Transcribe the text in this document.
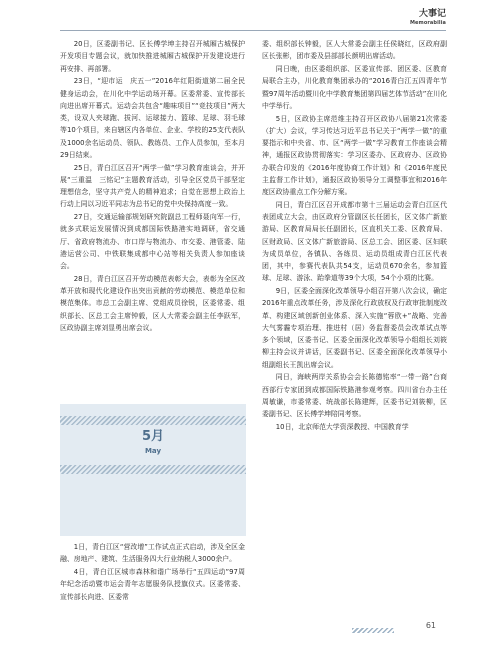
大事记
Memorabilia

20日，区委副书记、区长傅学坤主持召开城厢古城保护开发项目专题会议，就加快推进城厢古城保护开发建设进行再安排、再部署。

23日，“迎市运　庆五一”2016年红阳街道第二届全民健身运动会，在川化中学运动场开幕。区委常委、宣传部长向进出席开幕式。运动会共包含“趣味项目”“竞技项目”两大类，设双人夹球跑、拔河、运球接力、篮球、足球、羽毛球等10个项目，来自辖区内各单位、企业、学校的25支代表队及1000余名运动员、领队、教练员、工作人员参加，至本月29日结束。

25日，青白江区召开“两学一做”学习教育座谈会，并开展“三重温　三铭记”主题教育活动，引导全区党员干部坚定理想信念，坚守共产党人的精神追求；自觉在思想上政治上行动上同以习近平同志为总书记的党中央保持高度一致。

27日，交通运输部规划研究院副总工程师聂向军一行，就多式联运发展情况到成都国际铁路港实地调研，省交通厅、省政府物流办、市口岸与物流办、市交委、港管委、陆港运营公司、中铁联集成都中心站等相关负责人参加座谈会。

28日，青白江区召开劳动模范表彰大会，表彰为全区改革开放和现代化建设作出突出贡献的劳动模范、模范单位和模范集体。市总工会副主席、党组成员徐锐，区委常委、组织部长、区总工会主席钟毅，区人大常委会副主任李跃军，区政协副主席刘显勇出席会议。

5月
May

1日，青白江区“营改增”工作试点正式启动，涉及全区金融、房地产、建筑、生活服务四大行业纳税人3000余户。

4日，青白江区城市森林和谐广场举行“五四运动”97周年纪念活动暨市运会青年志愿服务队授旗仪式。区委常委、宣传部长向进、区委常

委、组织部长钟毅，区人大常委会副主任侯晓红，区政府副区长张彬，团市委及县部部长颜明出席活动。

同日晚，由区委组织部、区委宣传部、团区委、区教育局联合主办，川化教育集团承办的“2016青白江五四青年节暨97周年活动暨川化中学教育集团第四届艺体节活动”在川化中学举行。

5日，区政协主席范维主持召开区政协八届第21次常委（扩大）会议，学习传达习近平总书记关于“两学一做”的重要指示和中央省、市、区“两学一做”学习教育工作座谈会精神，通报区政协贯彻落实：学习区委办、区政府办、区政协办联合印发的《2016年度协商工作计划》和《2016年度民主监督工作计划》，通报区政协领导分工调整事宜和2016年度区政协重点工作分解方案。

同日，青白江区召开成都市第十三届运动会青白江区代表团成立大会，由区政府分管副区长任团长，区文体广新旅游局、区教育局局长任副团长，区直机关工委、区教育局、区财政局、区文体广新旅游局、区总工会、团区委、区妇联为成员单位，各镇队、各练员、运动员组成青白江区代表团，其中，参赛代表队共54支，运动员670余名，参加篮球、足球、游泳、跆拳道等39个大项，54个小项的比赛。

9日，区委全面深化改革领导小组召开第八次会议，确定2016年重点改革任务，涉及深化行政放权及行政审批制度改革、构建区域创新创业体系、深入实施“蓉欧+”战略、完善大气雾霾专项治理、推进村（居）务监督委员会改革试点等多个领域，区委书记、区委全面深化改革领导小组组长刘筱柳主持会议并讲话，区委副书记、区委全面深化改革领导小组副组长王凯出席会议。

同日，海峡两岸关系协会会长陈德铭率“一带一路”台商西部行专家团到成都国际铁路港参观考察。四川省台办主任周敏谦，市委常委、统战部长陈建辉，区委书记刘筱柳，区委副书记、区长傅学坤陪同考察。

10日，北京师范大学资深教授、中国教育学

61
